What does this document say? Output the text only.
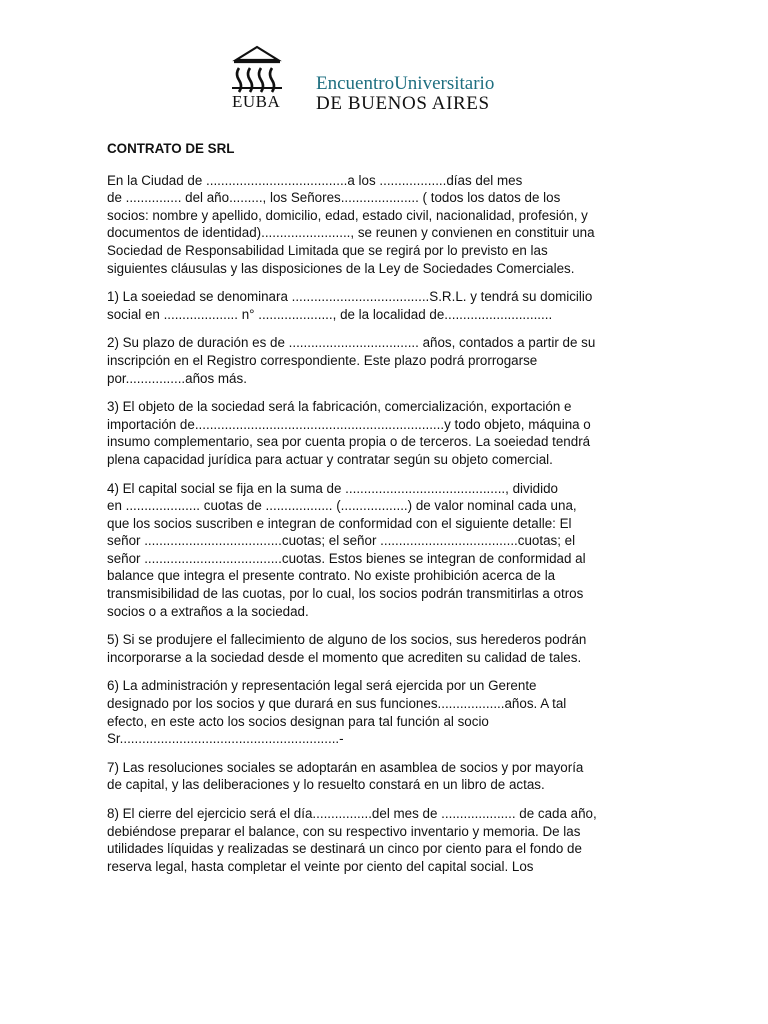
EUBA
EncuentroUniversitario
DE BUENOS AIRES
CONTRATO DE SRL

En la Ciudad de ......................................a los ..................días del mes
de ............... del año........., los Señores..................... ( todos los datos de los
socios: nombre y apellido, domicilio, edad, estado civil, nacionalidad, profesión, y
documentos de identidad)........................, se reunen y convienen en constituir una
Sociedad de Responsabilidad Limitada que se regirá por lo previsto en las
siguientes cláusulas y las disposiciones de la Ley de Sociedades Comerciales.

1) La soeiedad se denominara .....................................S.R.L. y tendrá su domicilio
social en .................... n° ...................., de la localidad de.............................

2) Su plazo de duración es de ................................... años, contados a partir de su
inscripción en el Registro correspondiente. Este plazo podrá prorrogarse
por................años más.

3) El objeto de la sociedad será la fabricación, comercialización, exportación e
importación de...................................................................y todo objeto, máquina o
insumo complementario, sea por cuenta propia o de terceros. La soeiedad tendrá
plena capacidad jurídica para actuar y contratar según su objeto comercial.

4) El capital social se fija en la suma de ..........................................., dividido
en .................... cuotas de .................. (..................) de valor nominal cada una,
que los socios suscriben e integran de conformidad con el siguiente detalle: El
señor .....................................cuotas; el señor .....................................cuotas; el
señor .....................................cuotas. Estos bienes se integran de conformidad al
balance que integra el presente contrato. No existe prohibición acerca de la
transmisibilidad de las cuotas, por lo cual, los socios podrán transmitirlas a otros
socios o a extraños a la sociedad.

5) Si se produjere el fallecimiento de alguno de los socios, sus herederos podrán
incorporarse a la sociedad desde el momento que acrediten su calidad de tales.

6) La administración y representación legal será ejercida por un Gerente
designado por los socios y que durará en sus funciones..................años. A tal
efecto, en este acto los socios designan para tal función al socio
Sr...........................................................-

7) Las resoluciones sociales se adoptarán en asamblea de socios y por mayoría
de capital, y las deliberaciones y lo resuelto constará en un libro de actas.

8) El cierre del ejercicio será el día................del mes de .................... de cada año,
debiéndose preparar el balance, con su respectivo inventario y memoria. De las
utilidades líquidas y realizadas se destinará un cinco por ciento para el fondo de
reserva legal, hasta completar el veinte por ciento del capital social. Los
